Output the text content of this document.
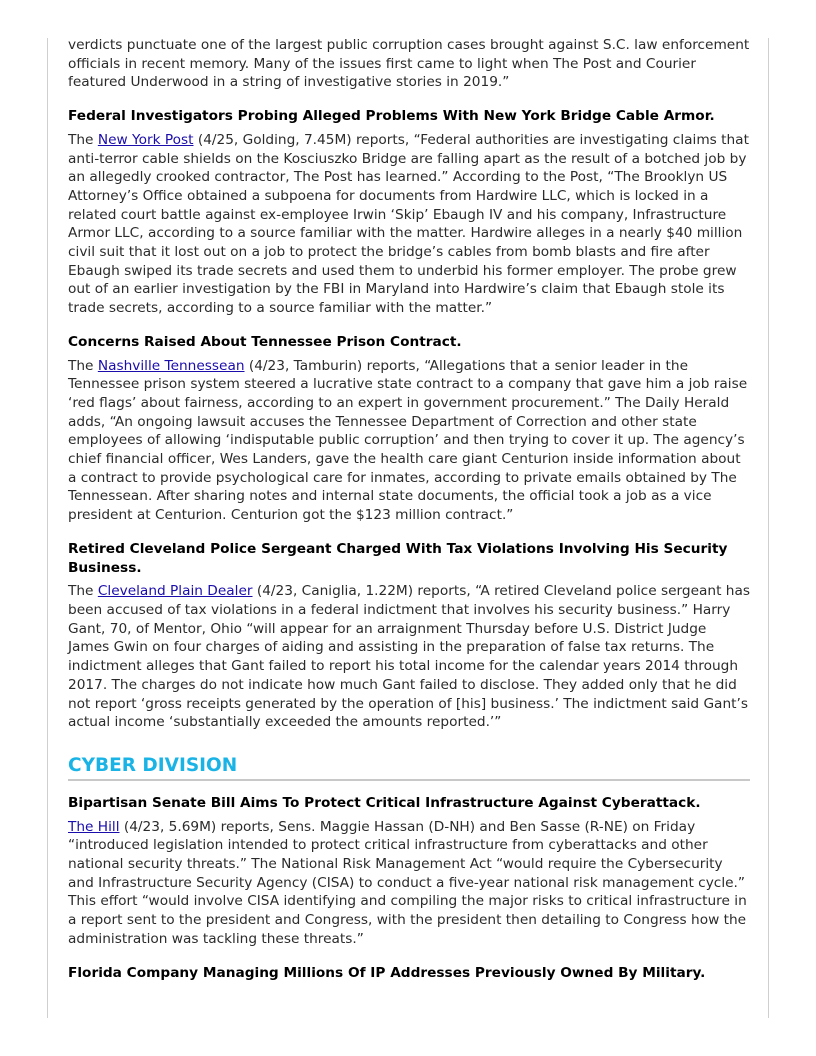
verdicts punctuate one of the largest public corruption cases brought against S.C. law enforcement officials in recent memory. Many of the issues first came to light when The Post and Courier featured Underwood in a string of investigative stories in 2019.”

Federal Investigators Probing Alleged Problems With New York Bridge Cable Armor.

The New York Post (4/25, Golding, 7.45M) reports, “Federal authorities are investigating claims that anti-terror cable shields on the Kosciuszko Bridge are falling apart as the result of a botched job by an allegedly crooked contractor, The Post has learned.” According to the Post, “The Brooklyn US Attorney’s Office obtained a subpoena for documents from Hardwire LLC, which is locked in a related court battle against ex-employee Irwin ‘Skip’ Ebaugh IV and his company, Infrastructure Armor LLC, according to a source familiar with the matter. Hardwire alleges in a nearly $40 million civil suit that it lost out on a job to protect the bridge’s cables from bomb blasts and fire after Ebaugh swiped its trade secrets and used them to underbid his former employer. The probe grew out of an earlier investigation by the FBI in Maryland into Hardwire’s claim that Ebaugh stole its trade secrets, according to a source familiar with the matter.”

Concerns Raised About Tennessee Prison Contract.

The Nashville Tennessean (4/23, Tamburin) reports, “Allegations that a senior leader in the Tennessee prison system steered a lucrative state contract to a company that gave him a job raise ‘red flags’ about fairness, according to an expert in government procurement.” The Daily Herald adds, “An ongoing lawsuit accuses the Tennessee Department of Correction and other state employees of allowing ‘indisputable public corruption’ and then trying to cover it up. The agency’s chief financial officer, Wes Landers, gave the health care giant Centurion inside information about a contract to provide psychological care for inmates, according to private emails obtained by The Tennessean. After sharing notes and internal state documents, the official took a job as a vice president at Centurion. Centurion got the $123 million contract.”

Retired Cleveland Police Sergeant Charged With Tax Violations Involving His Security Business.

The Cleveland Plain Dealer (4/23, Caniglia, 1.22M) reports, “A retired Cleveland police sergeant has been accused of tax violations in a federal indictment that involves his security business.” Harry Gant, 70, of Mentor, Ohio “will appear for an arraignment Thursday before U.S. District Judge James Gwin on four charges of aiding and assisting in the preparation of false tax returns. The indictment alleges that Gant failed to report his total income for the calendar years 2014 through 2017. The charges do not indicate how much Gant failed to disclose. They added only that he did not report ‘gross receipts generated by the operation of [his] business.’ The indictment said Gant’s actual income ‘substantially exceeded the amounts reported.’”

CYBER DIVISION
Bipartisan Senate Bill Aims To Protect Critical Infrastructure Against Cyberattack.

The Hill (4/23, 5.69M) reports, Sens. Maggie Hassan (D-NH) and Ben Sasse (R-NE) on Friday “introduced legislation intended to protect critical infrastructure from cyberattacks and other national security threats.” The National Risk Management Act “would require the Cybersecurity and Infrastructure Security Agency (CISA) to conduct a five-year national risk management cycle.” This effort “would involve CISA identifying and compiling the major risks to critical infrastructure in a report sent to the president and Congress, with the president then detailing to Congress how the administration was tackling these threats.”

Florida Company Managing Millions Of IP Addresses Previously Owned By Military.
